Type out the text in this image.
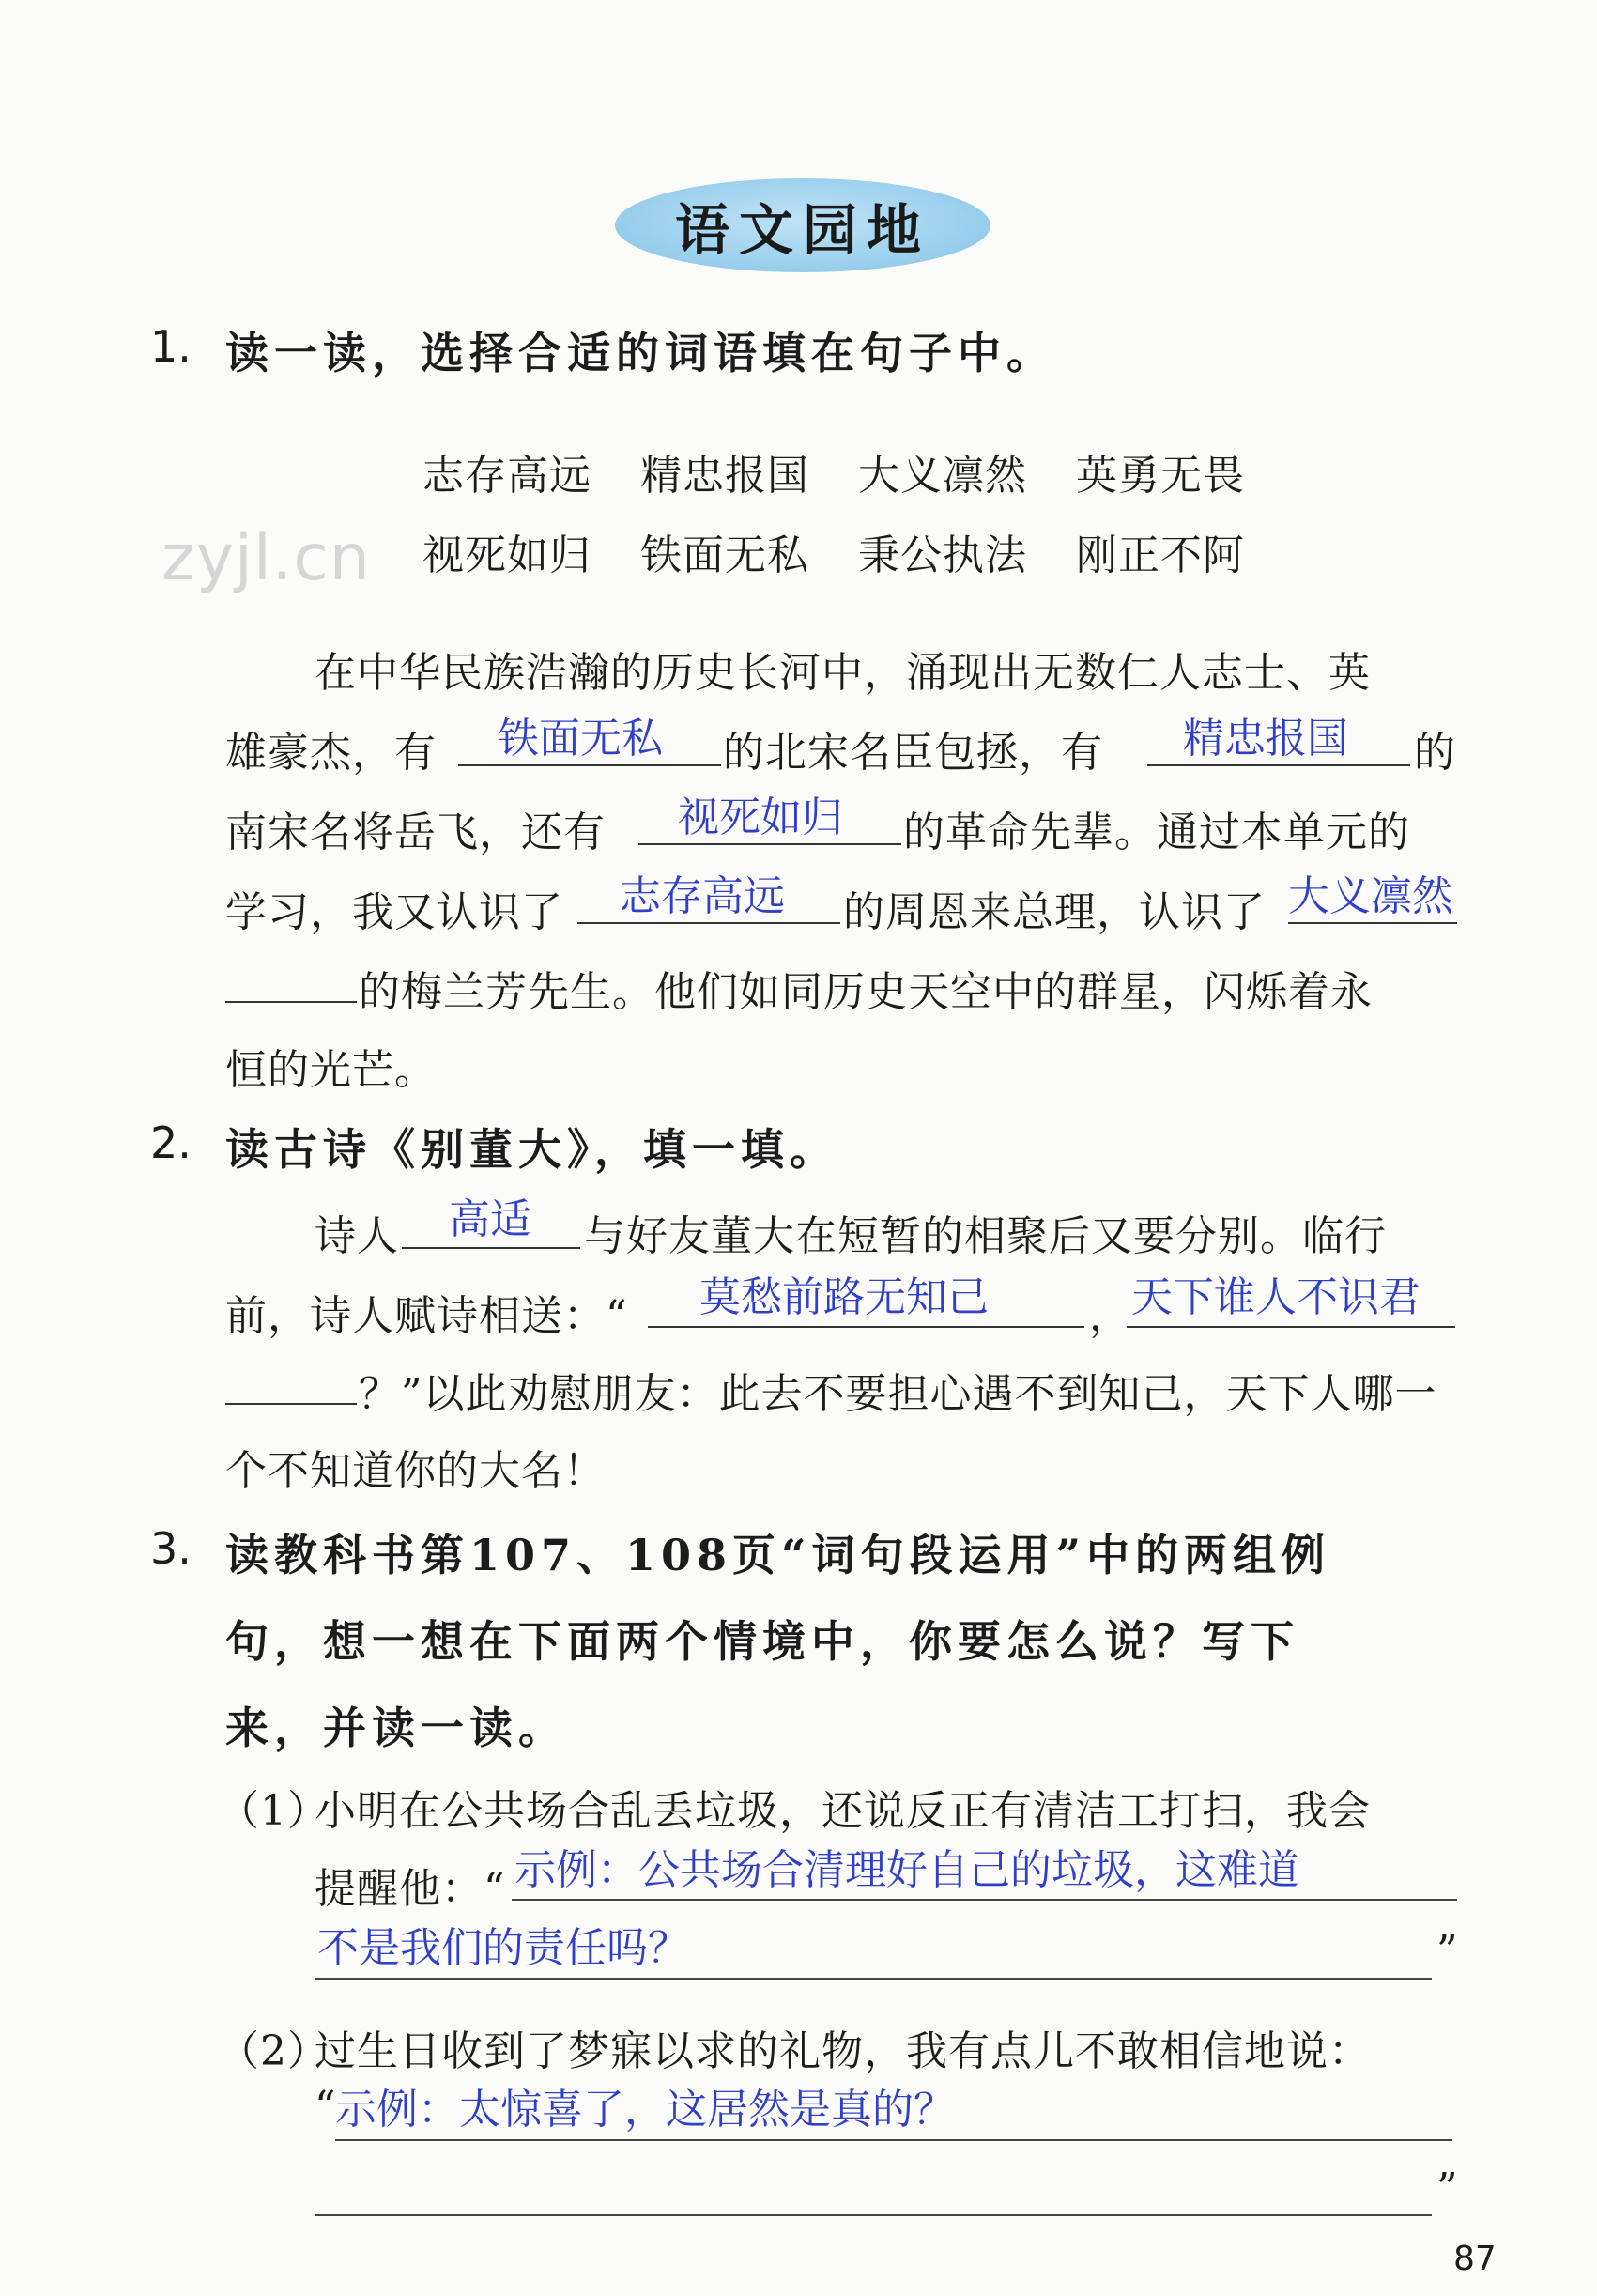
语文园地
zyjl.cn
1. 读一读，选择合适的词语填在句子中。
志存高远 精忠报国 大义凛然 英勇无畏
视死如归 铁面无私 秉公执法 刚正不阿
在中华民族浩瀚的历史长河中，涌现出无数仁人志士、英
雄豪杰，有 铁面无私 的北宋名臣包拯，有 精忠报国 的
南宋名将岳飞，还有 视死如归 的革命先辈。通过本单元的
学习，我又认识了 志存高远 的周恩来总理，认识了 大义凛然
的梅兰芳先生。他们如同历史天空中的群星，闪烁着永
恒的光芒。
2. 读古诗《别董大》，填一填。
诗人 高适 与好友董大在短暂的相聚后又要分别。临行
前，诗人赋诗相送：“ 莫愁前路无知己 ， 天下谁人不识君
？”以此劝慰朋友：此去不要担心遇不到知己，天下人哪一
个不知道你的大名！
3. 读教科书第107、108页“词句段运用”中的两组例
句，想一想在下面两个情境中，你要怎么说？写下
来，并读一读。
（1）
小明在公共场合乱丢垃圾，还说反正有清洁工打扫，我会
提醒他：“ 示例：公共场合清理好自己的垃圾，这难道
不是我们的责任吗？	”
（2）
过生日收到了梦寐以求的礼物，我有点儿不敢相信地说：
“
示例：太惊喜了，这居然是真的？
”
87
